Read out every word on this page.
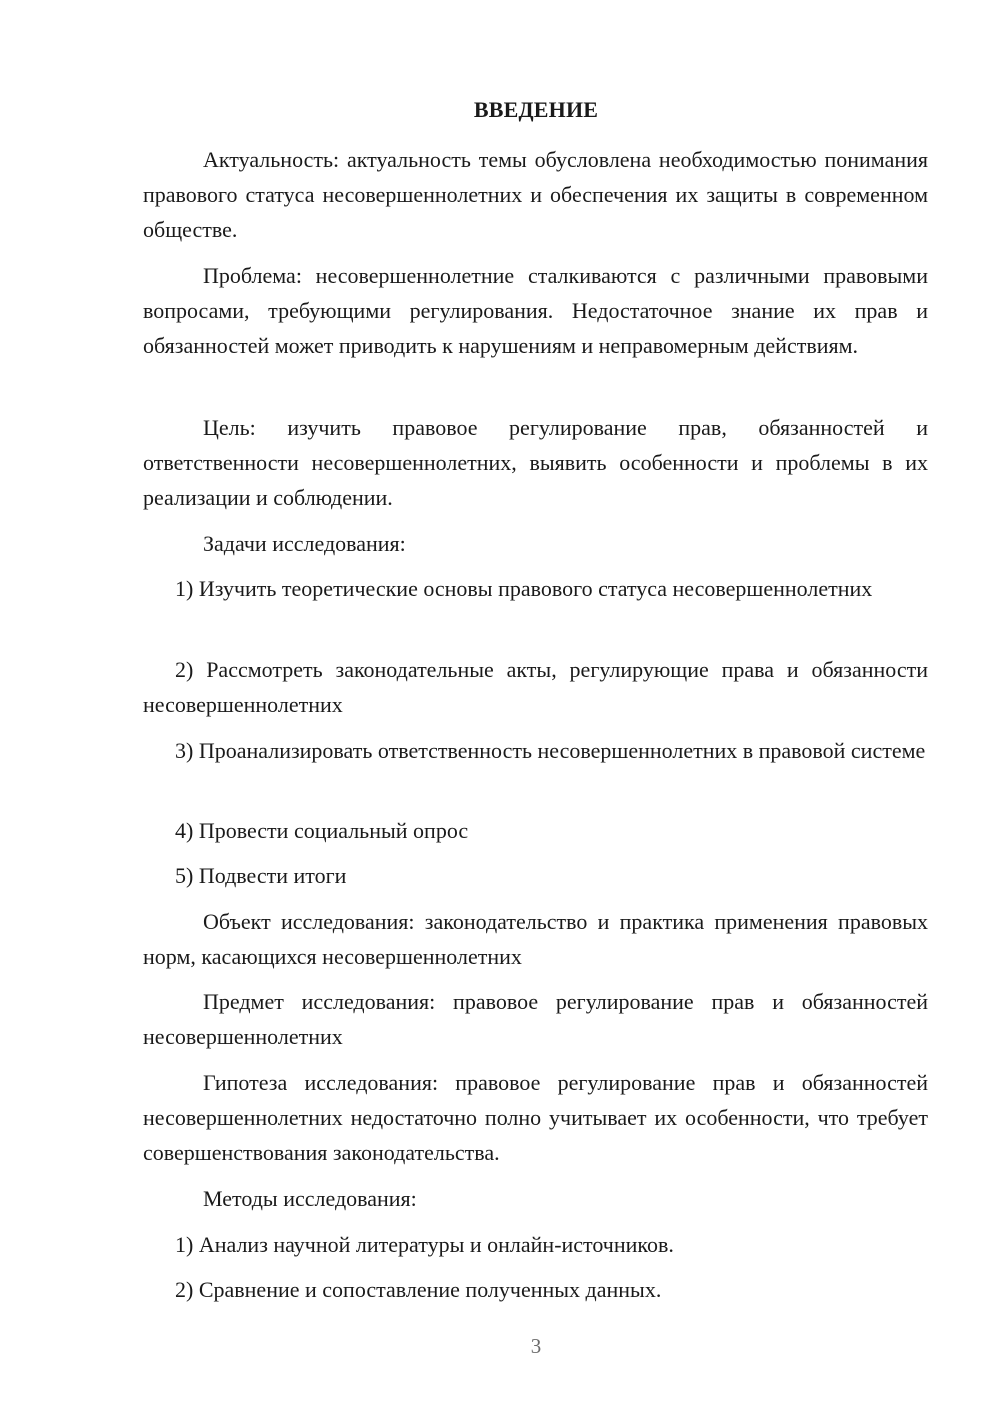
ВВЕДЕНИЕ
Актуальность: актуальность темы обусловлена необходимостью понимания правового статуса несовершеннолетних и обеспечения их защиты в современном обществе.
Проблема: несовершеннолетние сталкиваются с различными правовыми вопросами, требующими регулирования. Недостаточное знание их прав и обязанностей может приводить к нарушениям и неправомерным действиям.
Цель: изучить правовое регулирование прав, обязанностей и ответственности несовершеннолетних, выявить особенности и проблемы в их реализации и соблюдении.
Задачи исследования:
1) Изучить теоретические основы правового статуса несовершеннолетних
2) Рассмотреть законодательные акты, регулирующие права и обязанности несовершеннолетних
3) Проанализировать ответственность несовершеннолетних в правовой системе
4) Провести социальный опрос
5) Подвести итоги
Объект исследования: законодательство и практика применения правовых норм, касающихся несовершеннолетних
Предмет исследования: правовое регулирование прав и обязанностей несовершеннолетних
Гипотеза исследования: правовое регулирование прав и обязанностей несовершеннолетних недостаточно полно учитывает их особенности, что требует совершенствования законодательства.
Методы исследования:
1) Анализ научной литературы и онлайн-источников.
2) Сравнение и сопоставление полученных данных.
3
